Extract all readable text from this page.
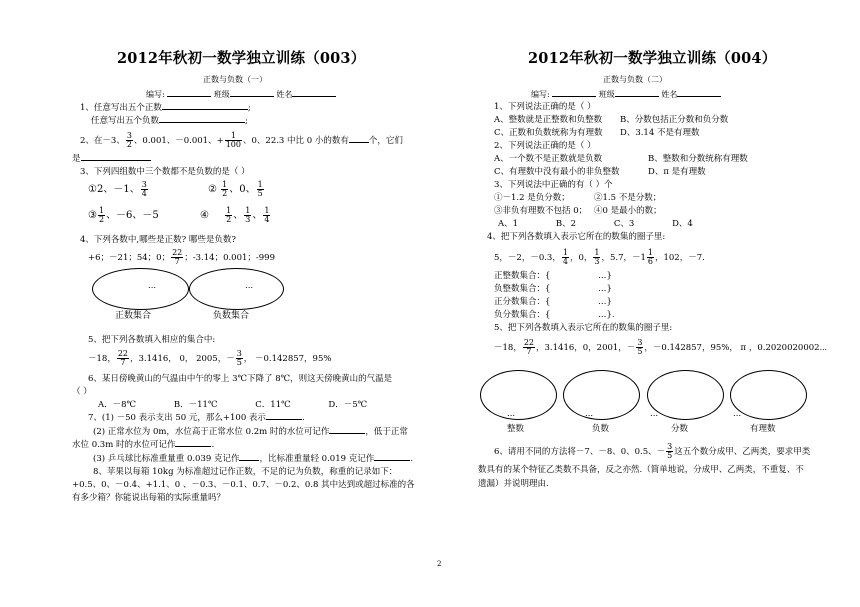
2012年秋初一数学独立训练（003）
正数与负数（一）
编写:	班级	姓名
1、任意写出五个正数	;
任意写出五个负数	;
2、在－3、 $\frac{3}{2}$ 、0.001、－0.001、+ $\frac{1}{100}$ 、0、22.3 中比 0 小的数有 个，它们
是
3、下列四组数中三个数都不是负数的是（ ）
①2、－1、 $\frac{3}{4}$	② $\frac{1}{2}$ 、0、 $\frac{1}{5}$
③ $\frac{1}{2}$ 、－6、－5	④ $\frac{1}{2}$ 、 $\frac{1}{3}$ 、 $\frac{1}{4}$
4、下列各数中,哪些是正数? 哪些是负数?
+6；－21；54；0； $\frac{22}{7}$ ；-3.14；0.001；-999
...	...
正数集合	负数集合
5、把下列各数填入相应的集合中:
－18， $\frac{22}{7}$ ，3.1416， 0， 2005，－ $\frac{3}{5}$ ， －0.142857，95%
6、某日傍晚黄山的气温由中午的零上 3℃下降了 8℃，则这天傍晚黄山的气温是
（ ）
A．－8℃              B．－11℃              C．11℃              D．－5℃
7、(1) －50 表示支出 50 元，那么+100 表示	.
(2) 正常水位为 0m，水位高于正常水位 0.2m 时的水位可记作	，低于正常
水位 0.3m 时的水位可记作	.
(3) 乒乓球比标准重量重 0.039 克记作 ，比标准重量轻 0.019 克记作	.
8、苹果以每箱 10kg 为标准超过记作正数，不足的记为负数，称重的记录如下：
+0.5、0、－0.4、+1.1、0 、－0.3、－0.1、0.7、－0.2、0.8 其中达到或超过标准的各
有多少箱？你能说出每箱的实际重量吗？
2012年秋初一数学独立训练（004）
正数与负数（二）
编写:	班级	姓名
1、下列说法正确的是（ ）
A、整数就是正整数和负整数 B、分数包括正分数和负分数
C、正数和负数统称为有理数 D、3.14 不是有理数
2、下列说法正确的是（ ）
A、一个数不是正数就是负数	B、整数和分数统称有理数
C、有理数中没有最小的非负整数	D、π 是有理数
3、下列说法中正确的有（ ）个
①－1.2 是负分数；	②1.5 不是分数；
③非负有理数不包括 0； ④0 是最小的数；
A、1              B、2              C、3              D、4
4、把下列各数填入表示它所在的数集的圈子里:
5，－2，－0.3， $\frac{1}{4}$ ，0， $\frac{1}{3}$ ，5.7，$-1 \frac{1}{6}$ ，102，－7.
正整数集合：{	…}
负整数集合：{	…}
正分数集合：{	…}
负分数集合：{	…}.
5、把下列各数填入表示它所在的数集的圈子里:
－18， $\frac{22}{7}$ ，3.1416，0，2001，－ $\frac{3}{5}$ ，－0.142857，95%， π ，0.2020020002⋯
...	...	...	...
整数	负数	分数	有理数
6、请用不同的方法将－7、－8、0、0.5、－ $\frac{3}{5}$ 这五个数分成甲、乙两类，要求甲类
数具有的某个特征乙类数不具备，反之亦然.（简单地说，分成甲、乙两类，不重复、不
遗漏）并说明理由.
2
